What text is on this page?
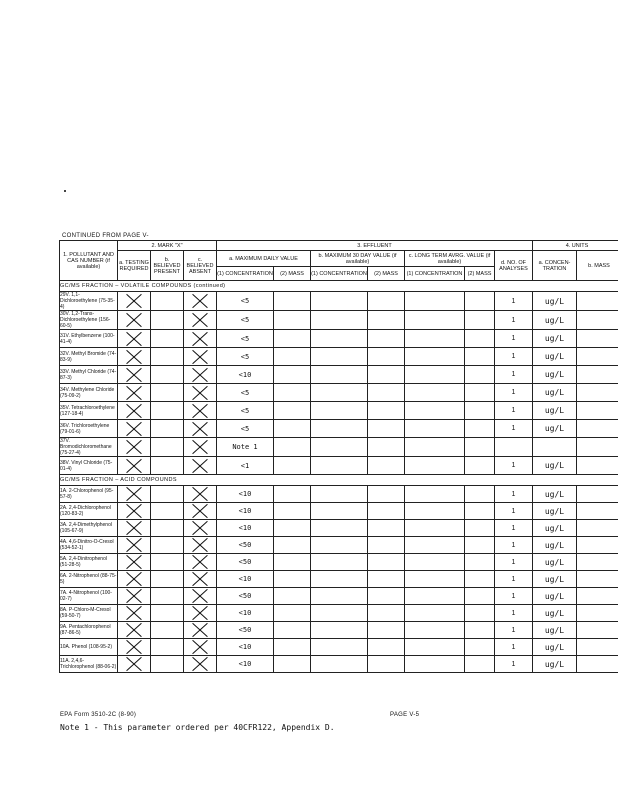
CONTINUED FROM PAGE V-
1. POLLUTANT AND CAS NUMBER (if available)	2. MARK "X"			3. EFFLUENT							4. UNITS	
	a. TESTING REQUIRED	b. BELIEVED PRESENT	c. BELIEVED ABSENT	a. MAXIMUM DAILY VALUE		b. MAXIMUM 30 DAY VALUE (if available)		c. LONG TERM AVRG. VALUE (if available)		d. NO. OF ANALYSES	a. CONCEN-TRATION	b. MASS
				(1) CONCENTRATION	(2) MASS	(1) CONCENTRATION	(2) MASS	(1) CONCENTRATION	(2) MASS			
GC/MS FRACTION – VOLATILE COMPOUNDS (continued)												
29V. 1,1-Dichloroethylene (75-35-4)				<5						1	ug/L	
30V. 1,2-Trans-Dichloroethylene (156-60-5)				<5						1	ug/L	
31V. Ethylbenzene (100-41-4)				<5						1	ug/L	
32V. Methyl Bromide (74-83-9)				<5						1	ug/L	
33V. Methyl Chloride (74-87-3)				<10						1	ug/L	
34V. Methylene Chloride (75-09-2)				<5						1	ug/L	
35V. Tetrachloroethylene (127-18-4)				<5						1	ug/L	
36V. Trichloroethylene (79-01-6)				<5						1	ug/L	
37V. Bromodichloromethane (75-27-4)				Note 1								
38V. Vinyl Chloride (75-01-4)				<1						1	ug/L	
GC/MS FRACTION – ACID COMPOUNDS												
1A. 2-Chlorophenol (95-57-8)				<10						1	ug/L	
2A. 2,4-Dichlorophenol (120-83-2)				<10						1	ug/L	
3A. 2,4-Dimethylphenol (105-67-9)				<10						1	ug/L	
4A. 4,6-Dinitro-O-Cresol (534-52-1)				<50						1	ug/L	
5A. 2,4-Dinitrophenol (51-28-5)				<50						1	ug/L	
6A. 2-Nitrophenol (88-75-5)				<10						1	ug/L	
7A. 4-Nitrophenol (100-02-7)				<50						1	ug/L	
8A. P-Chloro-M-Cresol (59-50-7)				<10						1	ug/L	
9A. Pentachlorophenol (87-86-5)				<50						1	ug/L	
10A. Phenol (108-95-2)				<10						1	ug/L	
11A. 2,4,6-Trichlorophenol (88-06-2)				<10						1	ug/L	
EPA Form 3510-2C (8-90)	PAGE V-5
Note 1 - This parameter ordered per 40CFR122, Appendix D.
